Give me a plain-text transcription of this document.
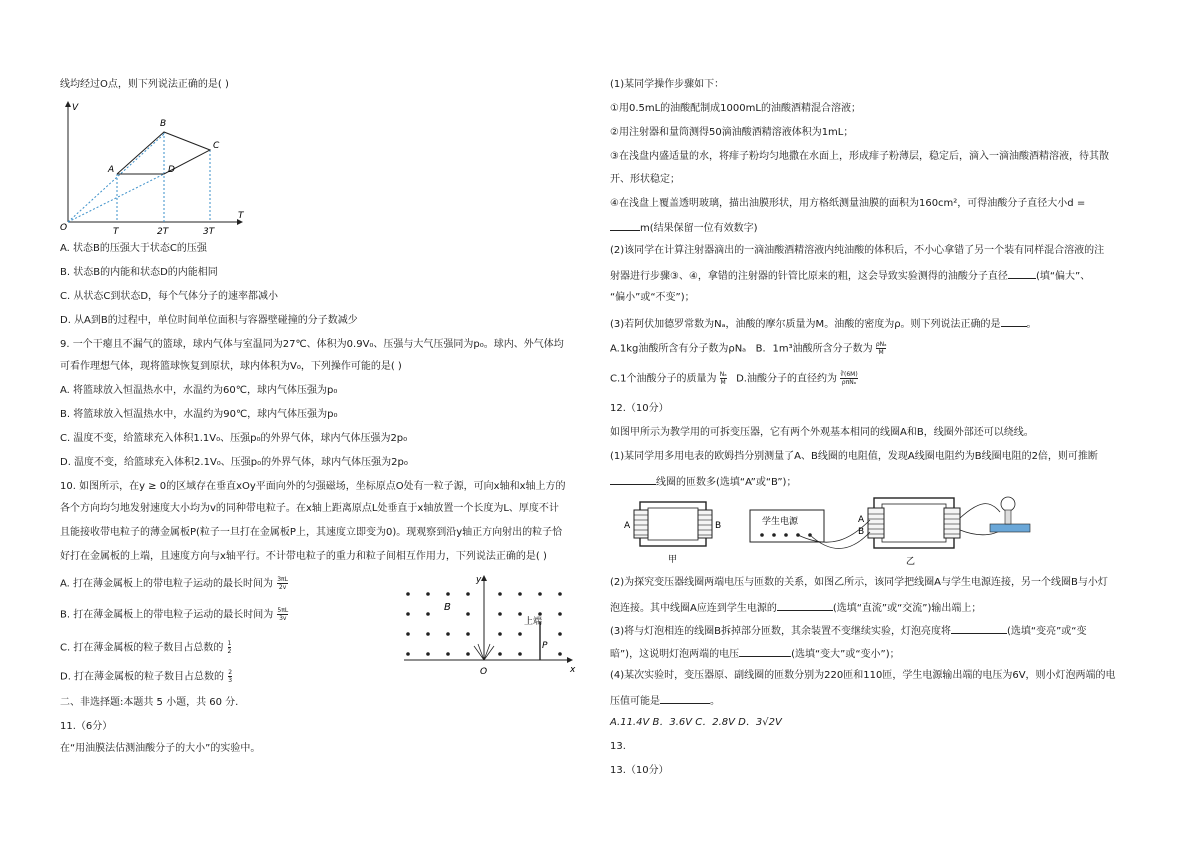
线均经过O点，则下列说法正确的是( )
V
T
O
A
B
C
D
T	2T	3T
A. 状态B的压强大于状态C的压强
B. 状态B的内能和状态D的内能相同
C. 从状态C到状态D，每个气体分子的速率都减小
D. 从A到B的过程中，单位时间单位面积与容器壁碰撞的分子数减少
9. 一个干瘪且不漏气的篮球，球内气体与室温同为27℃、体积为0.9V₀、压强与大气压强同为p₀。球内、外气体均
可看作理想气体，现将篮球恢复到原状，球内体积为V₀，下列操作可能的是( )
A. 将篮球放入恒温热水中，水温约为60℃，球内气体压强为p₀
B. 将篮球放入恒温热水中，水温约为90℃，球内气体压强为p₀
C. 温度不变，给篮球充入体积1.1V₀、压强p₀的外界气体，球内气体压强为2p₀
D. 温度不变，给篮球充入体积2.1V₀、压强p₀的外界气体，球内气体压强为2p₀
10. 如图所示，在y ≥ 0的区域存在垂直xOy平面向外的匀强磁场，坐标原点O处有一粒子源，可向x轴和x轴上方的
各个方向均匀地发射速度大小均为v的同种带电粒子。在x轴上距离原点L处垂直于x轴放置一个长度为L、厚度不计
且能接收带电粒子的薄金属板P(粒子一旦打在金属板P上，其速度立即变为0)。现观察到沿y轴正方向射出的粒子恰
好打在金属板的上端，且速度方向与x轴平行。不计带电粒子的重力和粒子间相互作用力，下列说法正确的是( )
A. 打在薄金属板上的带电粒子运动的最长时间为 $\frac{3\pi L}{2v}$
B. 打在薄金属板上的带电粒子运动的最长时间为 $\frac{5\pi L}{3v}$
C. 打在薄金属板的粒子数目占总数的 $\frac{1}{2}$
D. 打在薄金属板的粒子数目占总数的 $\frac{2}{3}$
y
x
O
B
P
上端
二、非选择题:本题共 5 小题，共 60 分.
11.（6分）
在“用油膜法估测油酸分子的大小”的实验中。
(1)某同学操作步骤如下：
①用0.5mL的油酸配制成1000mL的油酸酒精混合溶液；
②用注射器和量筒测得50滴油酸酒精溶液体积为1mL；
③在浅盘内盛适量的水，将痱子粉均匀地撒在水面上，形成痱子粉薄层，稳定后，滴入一滴油酸酒精溶液，待其散
开、形状稳定；
④在浅盘上覆盖透明玻璃，描出油膜形状，用方格纸测量油膜的面积为160cm²，可得油酸分子直径大小d =
m(结果保留一位有效数字)
(2)该同学在计算注射器滴出的一滴油酸酒精溶液内纯油酸的体积后，不小心拿错了另一个装有同样混合溶液的注
射器进行步骤③、④，拿错的注射器的针管比原来的粗，这会导致实验测得的油酸分子直径	(填“偏大”、
“偏小”或“不变”)；
(3)若阿伏加德罗常数为Nₐ，油酸的摩尔质量为M。油酸的密度为ρ。则下列说法正确的是	。
A.1kg油酸所含有分子数为ρNₐ B．1m³油酸所含分子数为 ρNₐ
M
C.1个油酸分子的质量为 $\frac{\text{Nₐ}}{M} D$.油酸分子的直径约为 ∛(6M)
ρπNₐ
12.（10分）
如图甲所示为教学用的可拆变压器，它有两个外观基本相同的线圈A和B，线圈外部还可以绕线。
(1)某同学用多用电表的欧姆挡分别测量了A、B线圈的电阻值，发现A线圈电阻约为B线圈电阻的2倍，则可推断
线圈的匝数多(选填“A”或“B”)；
A	B
甲
学生电源	A
B
乙
(2)为探究变压器线圈两端电压与匝数的关系，如图乙所示，该同学把线圈A与学生电源连接，另一个线圈B与小灯
泡连接。其中线圈A应连到学生电源的	(选填“直流”或“交流”)输出端上；
(3)将与灯泡相连的线圈B拆掉部分匝数，其余装置不变继续实验，灯泡亮度将	(选填“变亮”或“变
暗”)，这说明灯泡两端的电压	(选填“变大”或“变小”)；
(4)某次实验时，变压器原、副线圈的匝数分别为220匝和110匝，学生电源输出端的电压为6V，则小灯泡两端的电
压值可能是	。
A.11.4V B．3.6V C．2.8V D．3√2V
13.
13.（10分）
